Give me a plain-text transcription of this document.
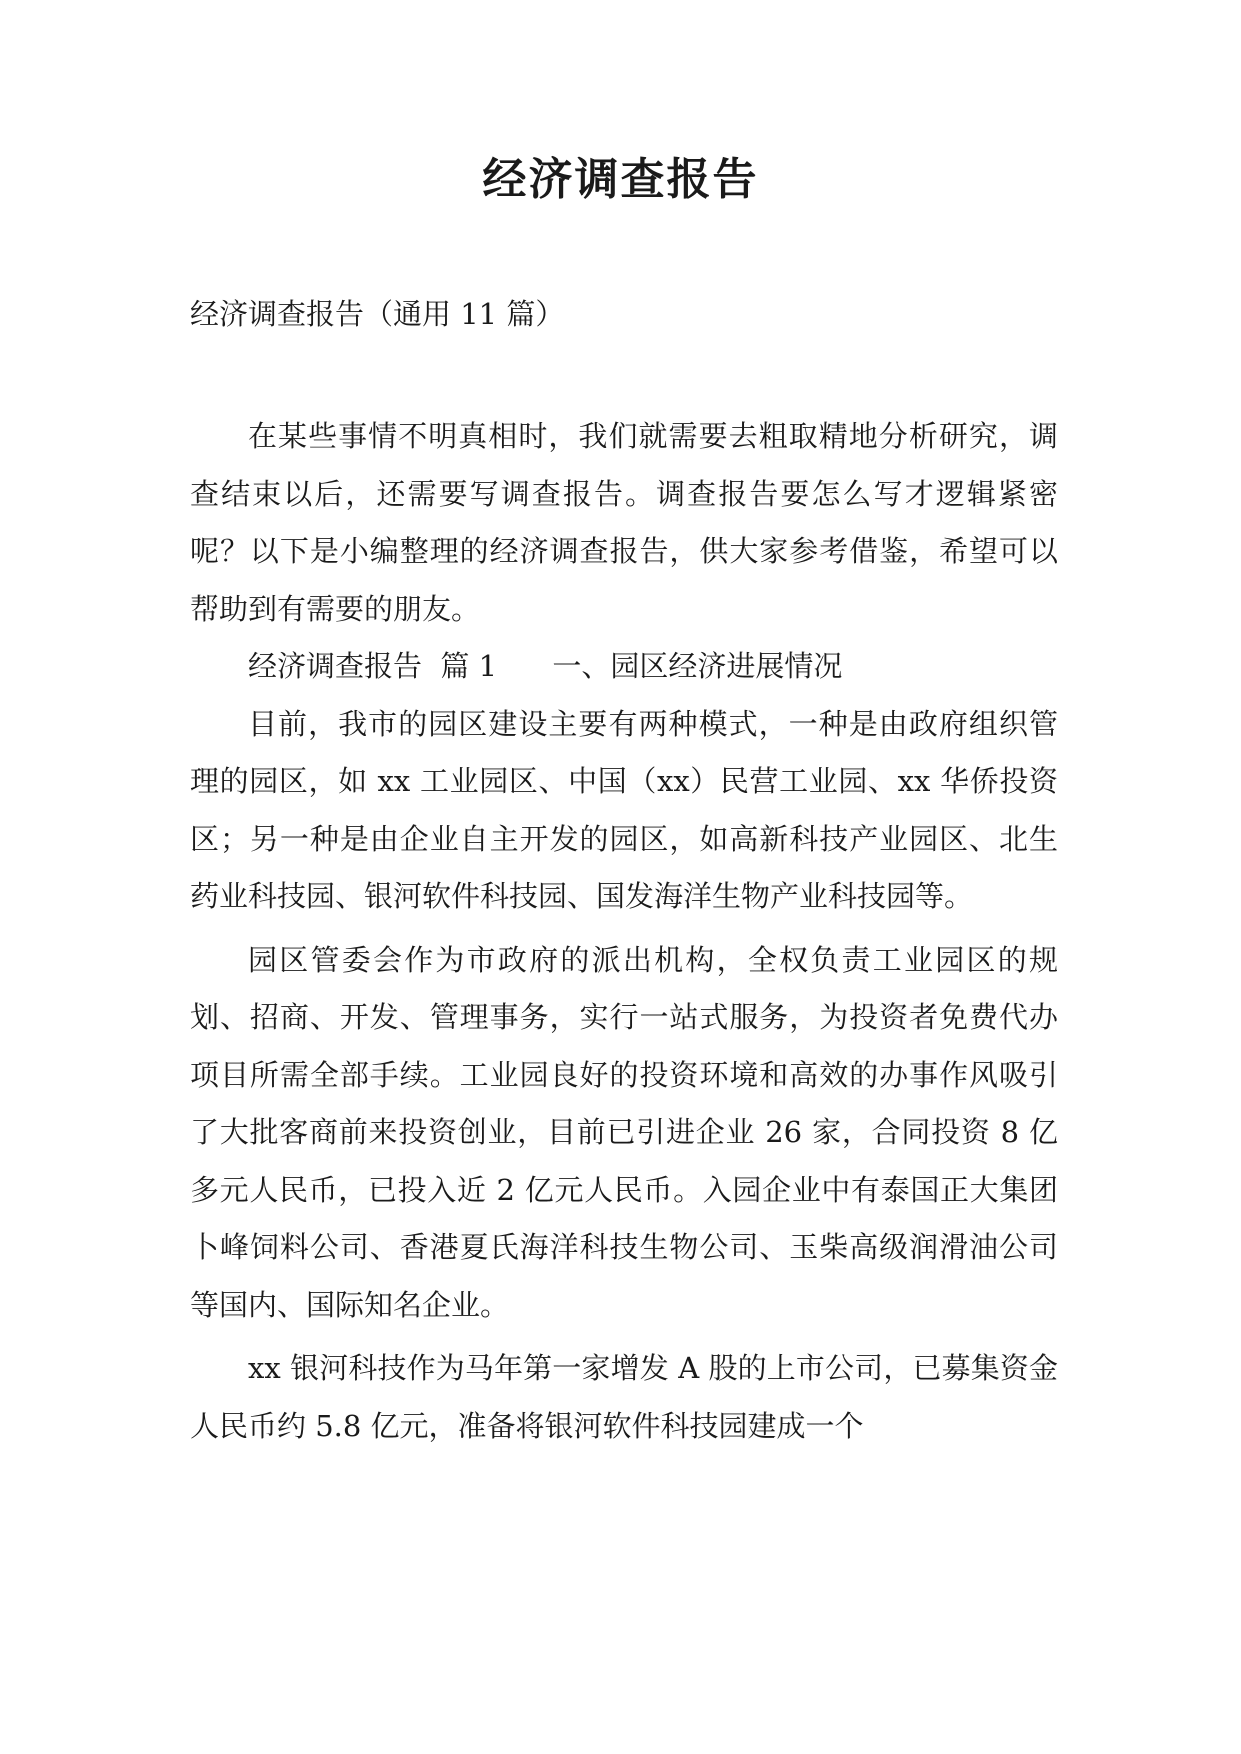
经济调查报告
经济调查报告（通用 11 篇）

在某些事情不明真相时，我们就需要去粗取精地分析研究，调查结束以后，还需要写调查报告。调查报告要怎么写才逻辑紧密呢？以下是小编整理的经济调查报告，供大家参考借鉴，希望可以帮助到有需要的朋友。

经济调查报告  篇 1      一、园区经济进展情况

目前，我市的园区建设主要有两种模式，一种是由政府组织管理的园区，如 xx 工业园区、中国（xx）民营工业园、xx 华侨投资区；另一种是由企业自主开发的园区，如高新科技产业园区、北生药业科技园、银河软件科技园、国发海洋生物产业科技园等。

园区管委会作为市政府的派出机构，全权负责工业园区的规划、招商、开发、管理事务，实行一站式服务，为投资者免费代办项目所需全部手续。工业园良好的投资环境和高效的办事作风吸引了大批客商前来投资创业，目前已引进企业 26 家，合同投资 8 亿多元人民币，已投入近 2 亿元人民币。入园企业中有泰国正大集团卜峰饲料公司、香港夏氏海洋科技生物公司、玉柴高级润滑油公司等国内、国际知名企业。

xx 银河科技作为马年第一家增发 A 股的上市公司，已募集资金人民币约 5.8 亿元，准备将银河软件科技园建成一个
